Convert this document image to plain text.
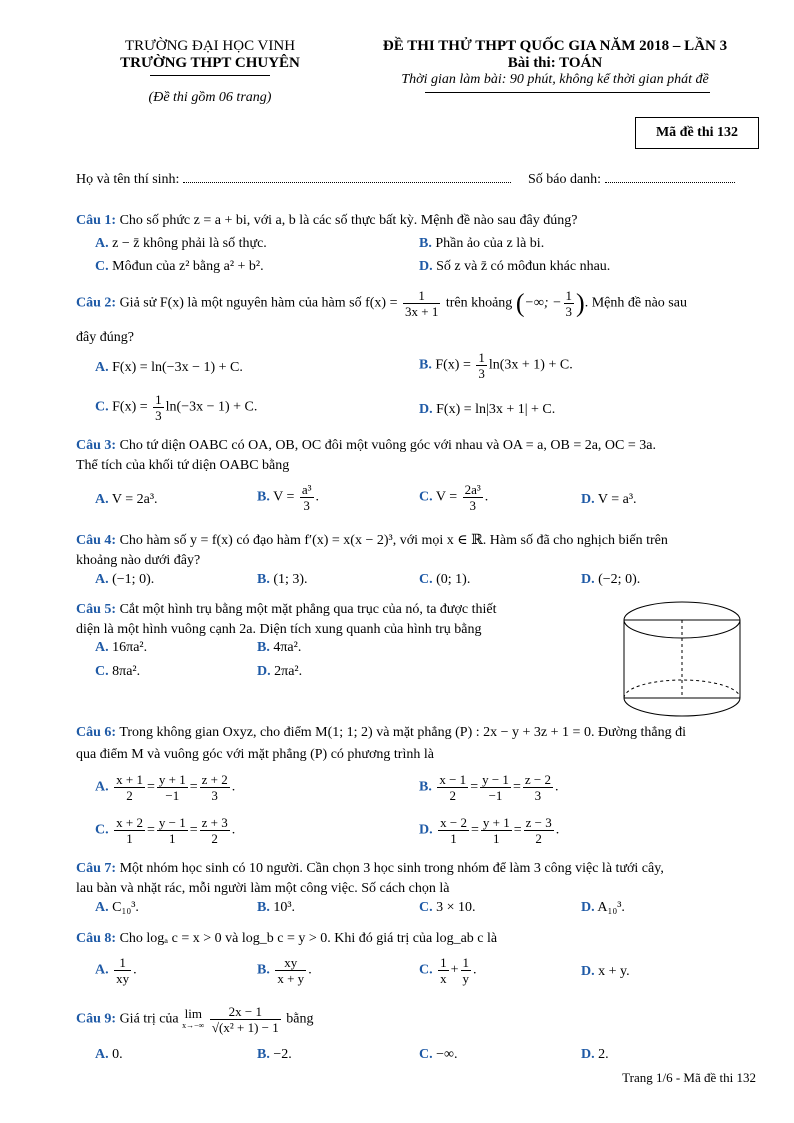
TRƯỜNG ĐẠI HỌC VINH
TRƯỜNG THPT CHUYÊN
(Đề thi gồm 06 trang)
ĐỀ THI THỬ THPT QUỐC GIA NĂM 2018 – LẦN 3
Bài thi: TOÁN
Thời gian làm bài: 90 phút, không kể thời gian phát đề
Mã đề thi 132
Họ và tên thí sinh:	Số báo danh:
Câu 1: Cho số phức z = a + bi, với a, b là các số thực bất kỳ. Mệnh đề nào sau đây đúng?
A. z − z̄ không phải là số thực.	B. Phần ảo của z là bi.
C. Môđun của z² bằng a² + b².	D. Số z và z̄ có môđun khác nhau.
Câu 2: Giả sử F(x) là một nguyên hàm của hàm số $f(x) = \frac{1}{3x + 1}$ trên khoảng (−∞; − $\frac{1}{3}$ ). Mệnh đề nào sau
đây đúng?
A. F(x) = ln(−3x − 1) + C.	B. $F(x) = \frac{1}{3} \ln(3x + 1) + C$.
C. $F(x) = \frac{1}{3} \ln(-3x - 1) + C$.	D. F(x) = ln|3x + 1| + C.
Câu 3: Cho tứ diện OABC có OA, OB, OC đôi một vuông góc với nhau và OA = a, OB = 2a, OC = 3a.
Thể tích của khối tứ diện OABC bằng
A. V = 2a³.	B. $V = \frac{\text{a³}}{3}$ .	C. $V = \frac{\text{2a³}}{3}$ .	D. V = a³.
Câu 4: Cho hàm số y = f(x) có đạo hàm f′(x) = x(x − 2)³, với mọi x ∈ ℝ. Hàm số đã cho nghịch biến trên
khoảng nào dưới đây?
A. (−1; 0).	B. (1; 3).	C. (0; 1).	D. (−2; 0).
Câu 5: Cắt một hình trụ bằng một mặt phẳng qua trục của nó, ta được thiết
diện là một hình vuông cạnh 2a. Diện tích xung quanh của hình trụ bằng
A. 16πa².	B. 4πa².
C. 8πa².	D. 2πa².
Câu 6: Trong không gian Oxyz, cho điểm M(1; 1; 2) và mặt phẳng (P) : 2x − y + 3z + 1 = 0. Đường thẳng đi
qua điểm M và vuông góc với mặt phẳng (P) có phương trình là
A. $\frac{x + 1}{2} = \frac{y + 1}{-1} = \frac{z + 2}{3}$ .	B. $\frac{x - 1}{2} = \frac{y - 1}{-1} = \frac{z - 2}{3}$ .
C. $\frac{x + 2}{1} = \frac{y - 1}{1} = \frac{z + 3}{2}$ .	D. $\frac{x - 2}{1} = \frac{y + 1}{1} = \frac{z - 3}{2}$ .
Câu 7: Một nhóm học sinh có 10 người. Cần chọn 3 học sinh trong nhóm để làm 3 công việc là tưới cây,
lau bàn và nhặt rác, mỗi người làm một công việc. Số cách chọn là
A. C₁₀³.	B. 10³.	C. 3 × 10.	D. A₁₀³.
Câu 8: Cho logₐ c = x > 0 và log_b c = y > 0. Khi đó giá trị của log_ab c là
A. $\frac{1}{xy}$ .	B. $\frac{xy}{x + y}$ .	C. $\frac{1}{x} + \frac{1}{y}$ .	D. x + y.
Câu 9: Giá trị của lim
x→−∞
$\frac{2x - 1}{\text{√(x² + 1) − 1}}$ bằng
A. 0.	B. −2.	C. −∞.	D. 2.
Trang 1/6 - Mã đề thi 132
